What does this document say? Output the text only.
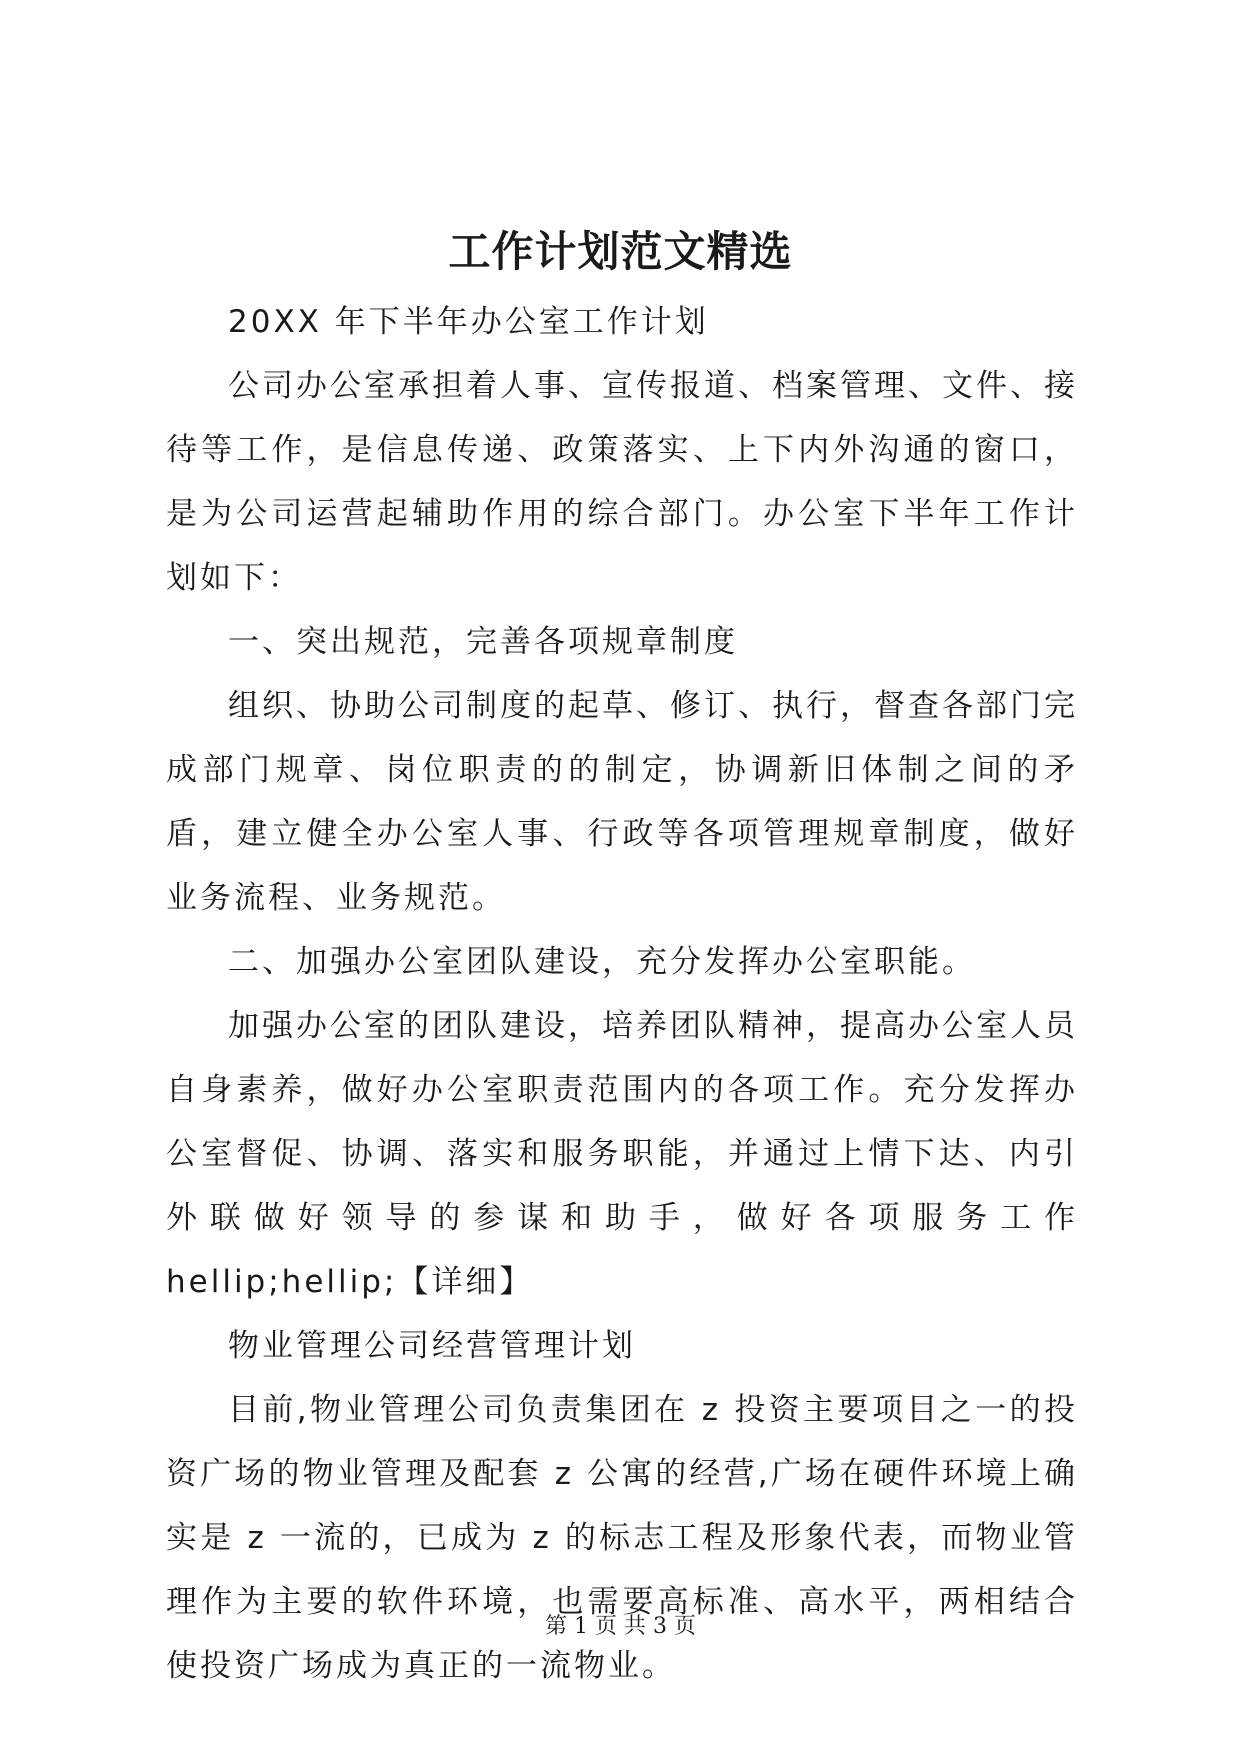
工作计划范文精选

20XX 年下半年办公室工作计划

公司办公室承担着人事、宣传报道、档案管理、文件、接待等工作，是信息传递、政策落实、上下内外沟通的窗口，是为公司运营起辅助作用的综合部门。办公室下半年工作计划如下：

一、突出规范，完善各项规章制度

组织、协助公司制度的起草、修订、执行，督查各部门完成部门规章、岗位职责的的制定，协调新旧体制之间的矛盾，建立健全办公室人事、行政等各项管理规章制度，做好业务流程、业务规范。

二、加强办公室团队建设，充分发挥办公室职能。

加强办公室的团队建设，培养团队精神，提高办公室人员自身素养，做好办公室职责范围内的各项工作。充分发挥办公室督促、协调、落实和服务职能，并通过上情下达、内引外联做好领导的参谋和助手，做好各项服务工作 hellip;hellip;【详细】

物业管理公司经营管理计划

目前,物业管理公司负责集团在 z 投资主要项目之一的投资广场的物业管理及配套 z 公寓的经营,广场在硬件环境上确实是 z 一流的，已成为 z 的标志工程及形象代表，而物业管理作为主要的软件环境，也需要高标准、高水平，两相结合使投资广场成为真正的一流物业。

第 1 页 共 3 页
